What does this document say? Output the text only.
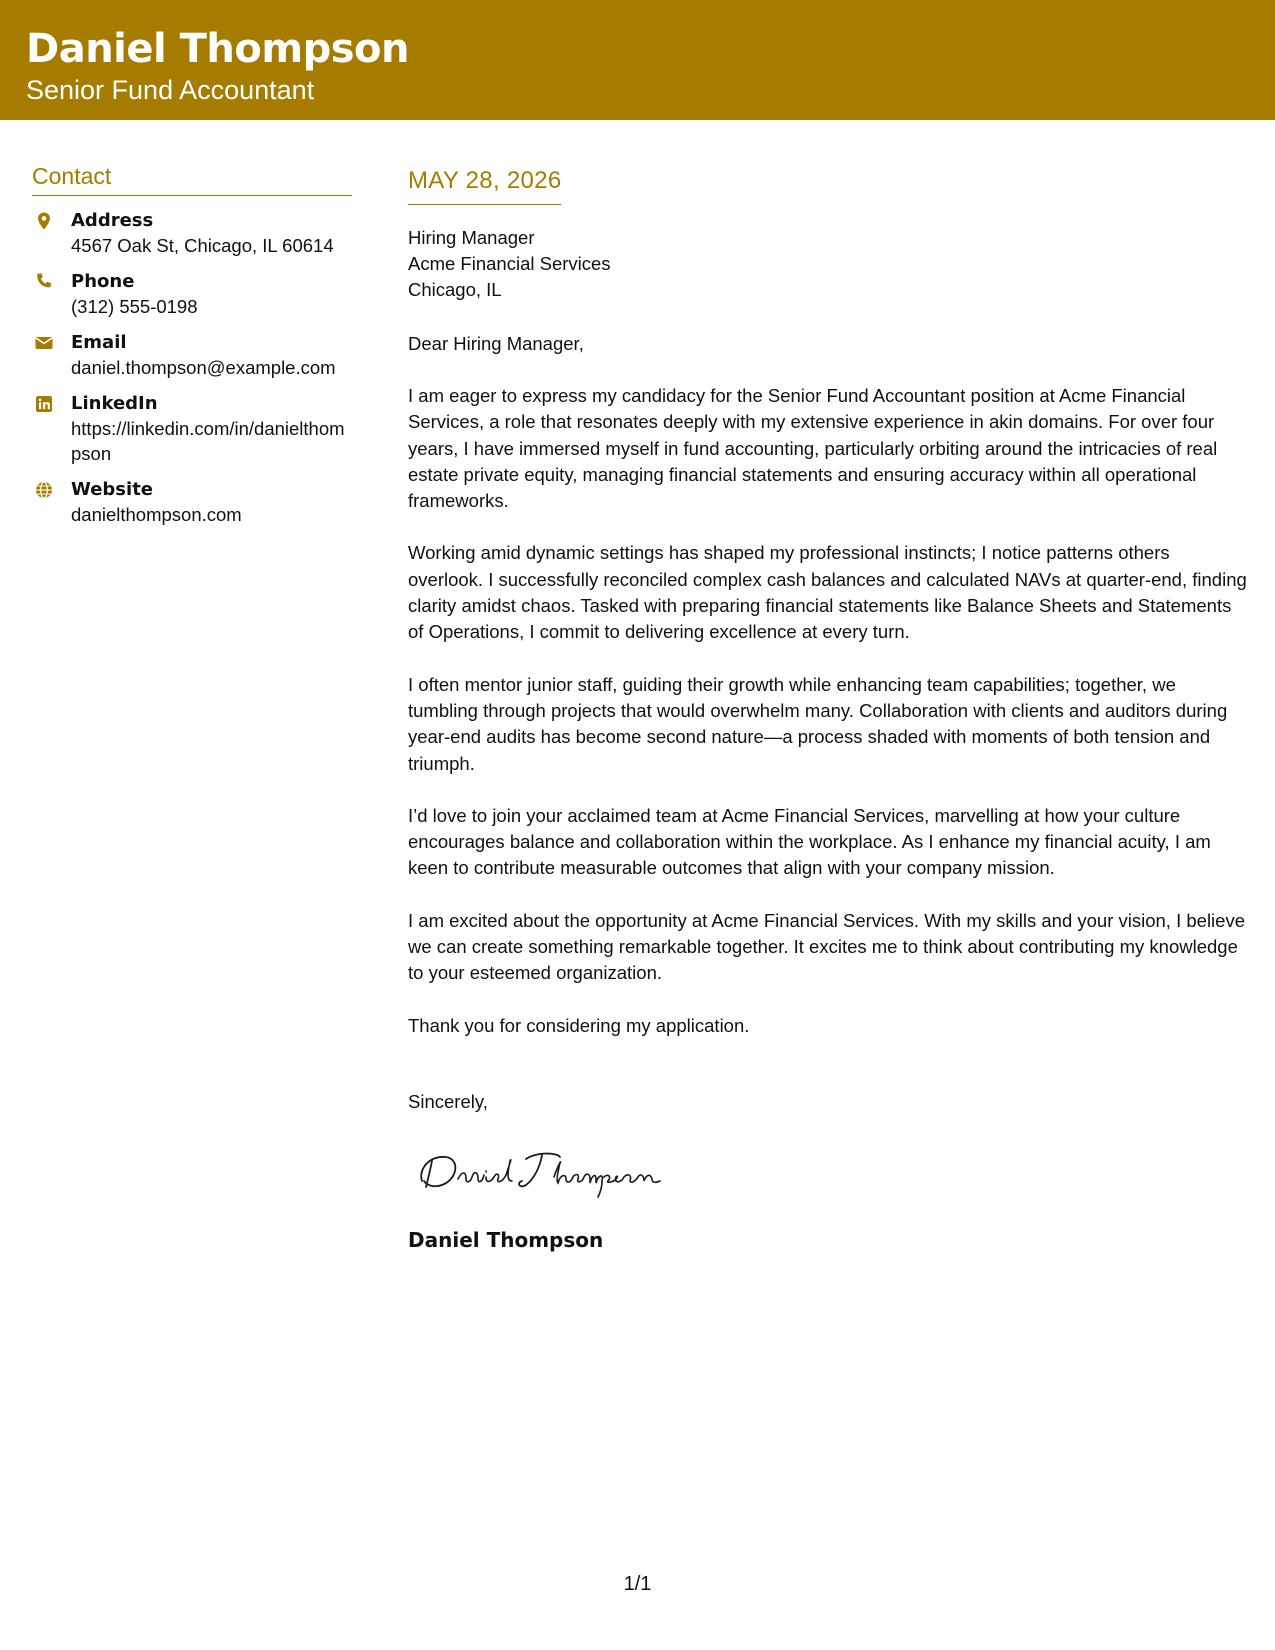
Daniel Thompson
Senior Fund Accountant
Contact
Address
4567 Oak St, Chicago, IL 60614
Phone
(312) 555-0198
Email
daniel.thompson@example.com
LinkedIn
https://linkedin.com/in/danielthompson
Website
danielthompson.com
MAY 28, 2026
Hiring Manager
Acme Financial Services
Chicago, IL
Dear Hiring Manager,
I am eager to express my candidacy for the Senior Fund Accountant position at Acme Financial Services, a role that resonates deeply with my extensive experience in akin domains. For over four years, I have immersed myself in fund accounting, particularly orbiting around the intricacies of real estate private equity, managing financial statements and ensuring accuracy within all operational frameworks.
Working amid dynamic settings has shaped my professional instincts; I notice patterns others overlook. I successfully reconciled complex cash balances and calculated NAVs at quarter-end, finding clarity amidst chaos. Tasked with preparing financial statements like Balance Sheets and Statements of Operations, I commit to delivering excellence at every turn.
I often mentor junior staff, guiding their growth while enhancing team capabilities; together, we tumbling through projects that would overwhelm many. Collaboration with clients and auditors during year-end audits has become second nature—a process shaded with moments of both tension and triumph.
I’d love to join your acclaimed team at Acme Financial Services, marvelling at how your culture encourages balance and collaboration within the workplace. As I enhance my financial acuity, I am keen to contribute measurable outcomes that align with your company mission.
I am excited about the opportunity at Acme Financial Services. With my skills and your vision, I believe we can create something remarkable together. It excites me to think about contributing my knowledge to your esteemed organization.
Thank you for considering my application.
Sincerely,
Daniel Thompson
1/1
